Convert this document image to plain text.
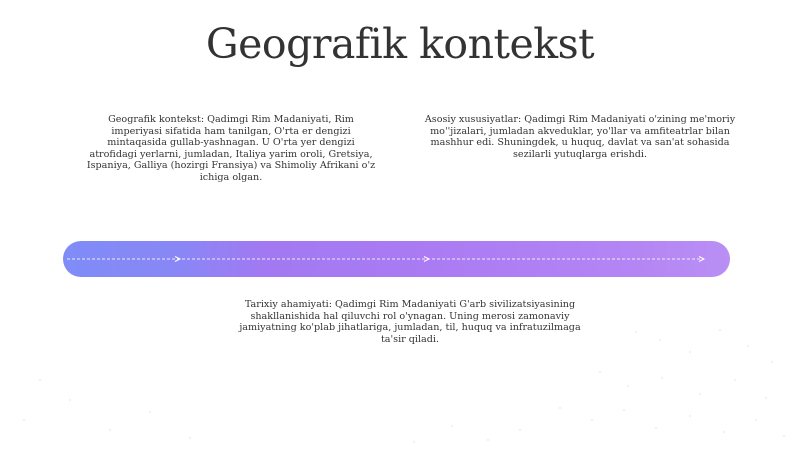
Geografik kontekst

Geografik kontekst: Qadimgi Rim Madaniyati, Rim imperiyasi sifatida ham tanilgan, O'rta er dengizi mintaqasida gullab-yashnagan. U O'rta yer dengizi atrofidagi yerlarni, jumladan, Italiya yarim oroli, Gretsiya, Ispaniya, Galliya (hozirgi Fransiya) va Shimoliy Afrikani o'z ichiga olgan.

Asosiy xususiyatlar: Qadimgi Rim Madaniyati o'zining me'moriy mo''jizalari, jumladan akveduklar, yo'llar va amfiteatrlar bilan mashhur edi. Shuningdek, u huquq, davlat va san'at sohasida sezilarli yutuqlarga erishdi.

Tarixiy ahamiyati: Qadimgi Rim Madaniyati G'arb sivilizatsiyasining shakllanishida hal qiluvchi rol o'ynagan. Uning merosi zamonaviy jamiyatning ko'plab jihatlariga, jumladan, til, huquq va infratuzilmaga ta'sir qiladi.
